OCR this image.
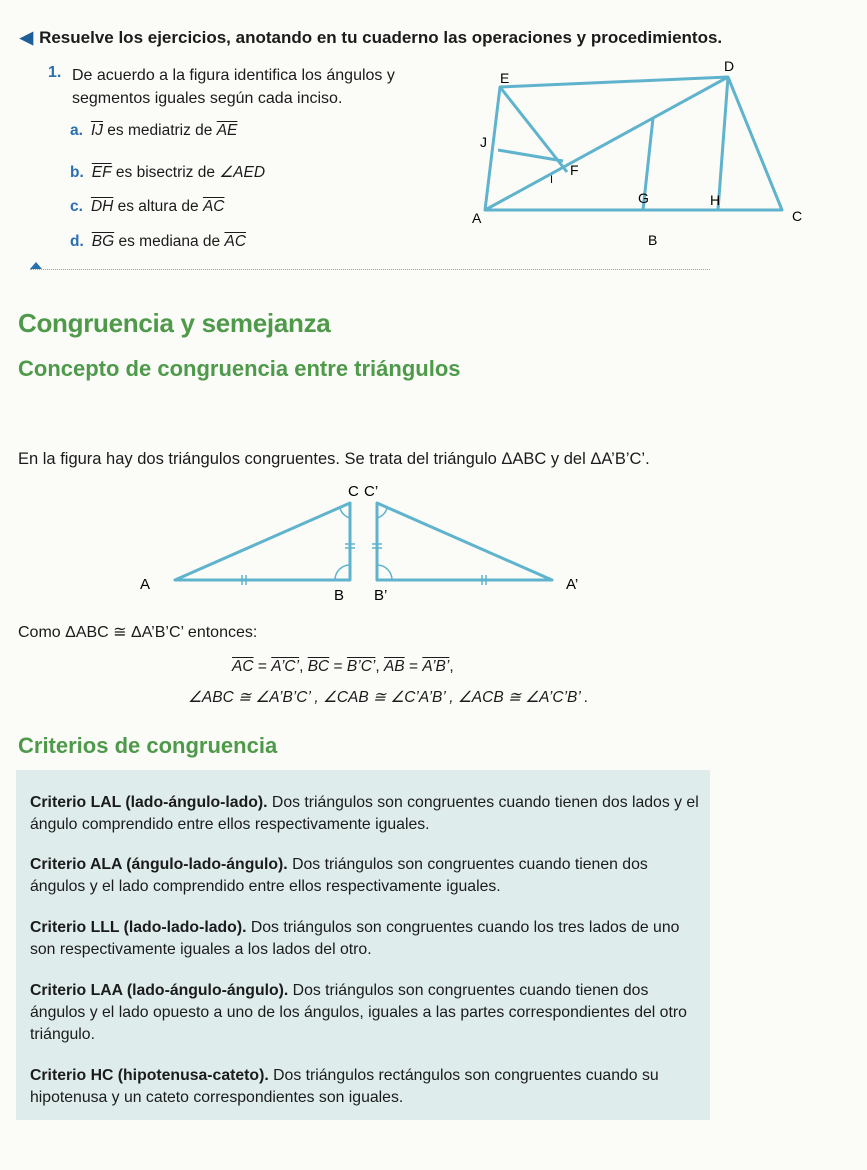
◀ Resuelve los ejercicios, anotando en tu cuaderno las operaciones y procedimientos.
1. De acuerdo a la figura identifica los ángulos y segmentos iguales según cada inciso.
a. $\overline{IJ}$ es mediatriz de $\overline{AE}$
b. $\overline{EF}$ es bisectriz de ∠AED
c. $\overline{DH}$ es altura de $\overline{AC}$
d. $\overline{BG}$ es mediana de $\overline{AC}$
E
D
J
I
F
G	H
A	C
B
Congruencia y semejanza
Concepto de congruencia entre triángulos
En la figura hay dos triángulos congruentes. Se trata del triángulo ΔABC y del ΔA’B’C’.
C C’
A
B B’
A’
Como ΔABC ≅ ΔA’B’C’ entonces:
$\overline{AC}$ = A’C’, $\overline{BC}$ = B’C’, $\overline{AB}$ = A’B’,
∠ABC ≅ ∠A’B’C’ , ∠CAB ≅ ∠C’A’B’ , ∠ACB ≅ ∠A’C’B’ .
Criterios de congruencia

Criterio LAL (lado-ángulo-lado). Dos triángulos son congruentes cuando tienen dos lados y el ángulo comprendido entre ellos respectivamente iguales.

Criterio ALA (ángulo-lado-ángulo). Dos triángulos son congruentes cuando tienen dos ángulos y el lado comprendido entre ellos respectivamente iguales.

Criterio LLL (lado-lado-lado). Dos triángulos son congruentes cuando los tres lados de uno son respectivamente iguales a los lados del otro.

Criterio LAA (lado-ángulo-ángulo). Dos triángulos son congruentes cuando tienen dos ángulos y el lado opuesto a uno de los ángulos, iguales a las partes correspondientes del otro triángulo.

Criterio HC (hipotenusa-cateto). Dos triángulos rectángulos son congruentes cuando su hipotenusa y un cateto correspondientes son iguales.
